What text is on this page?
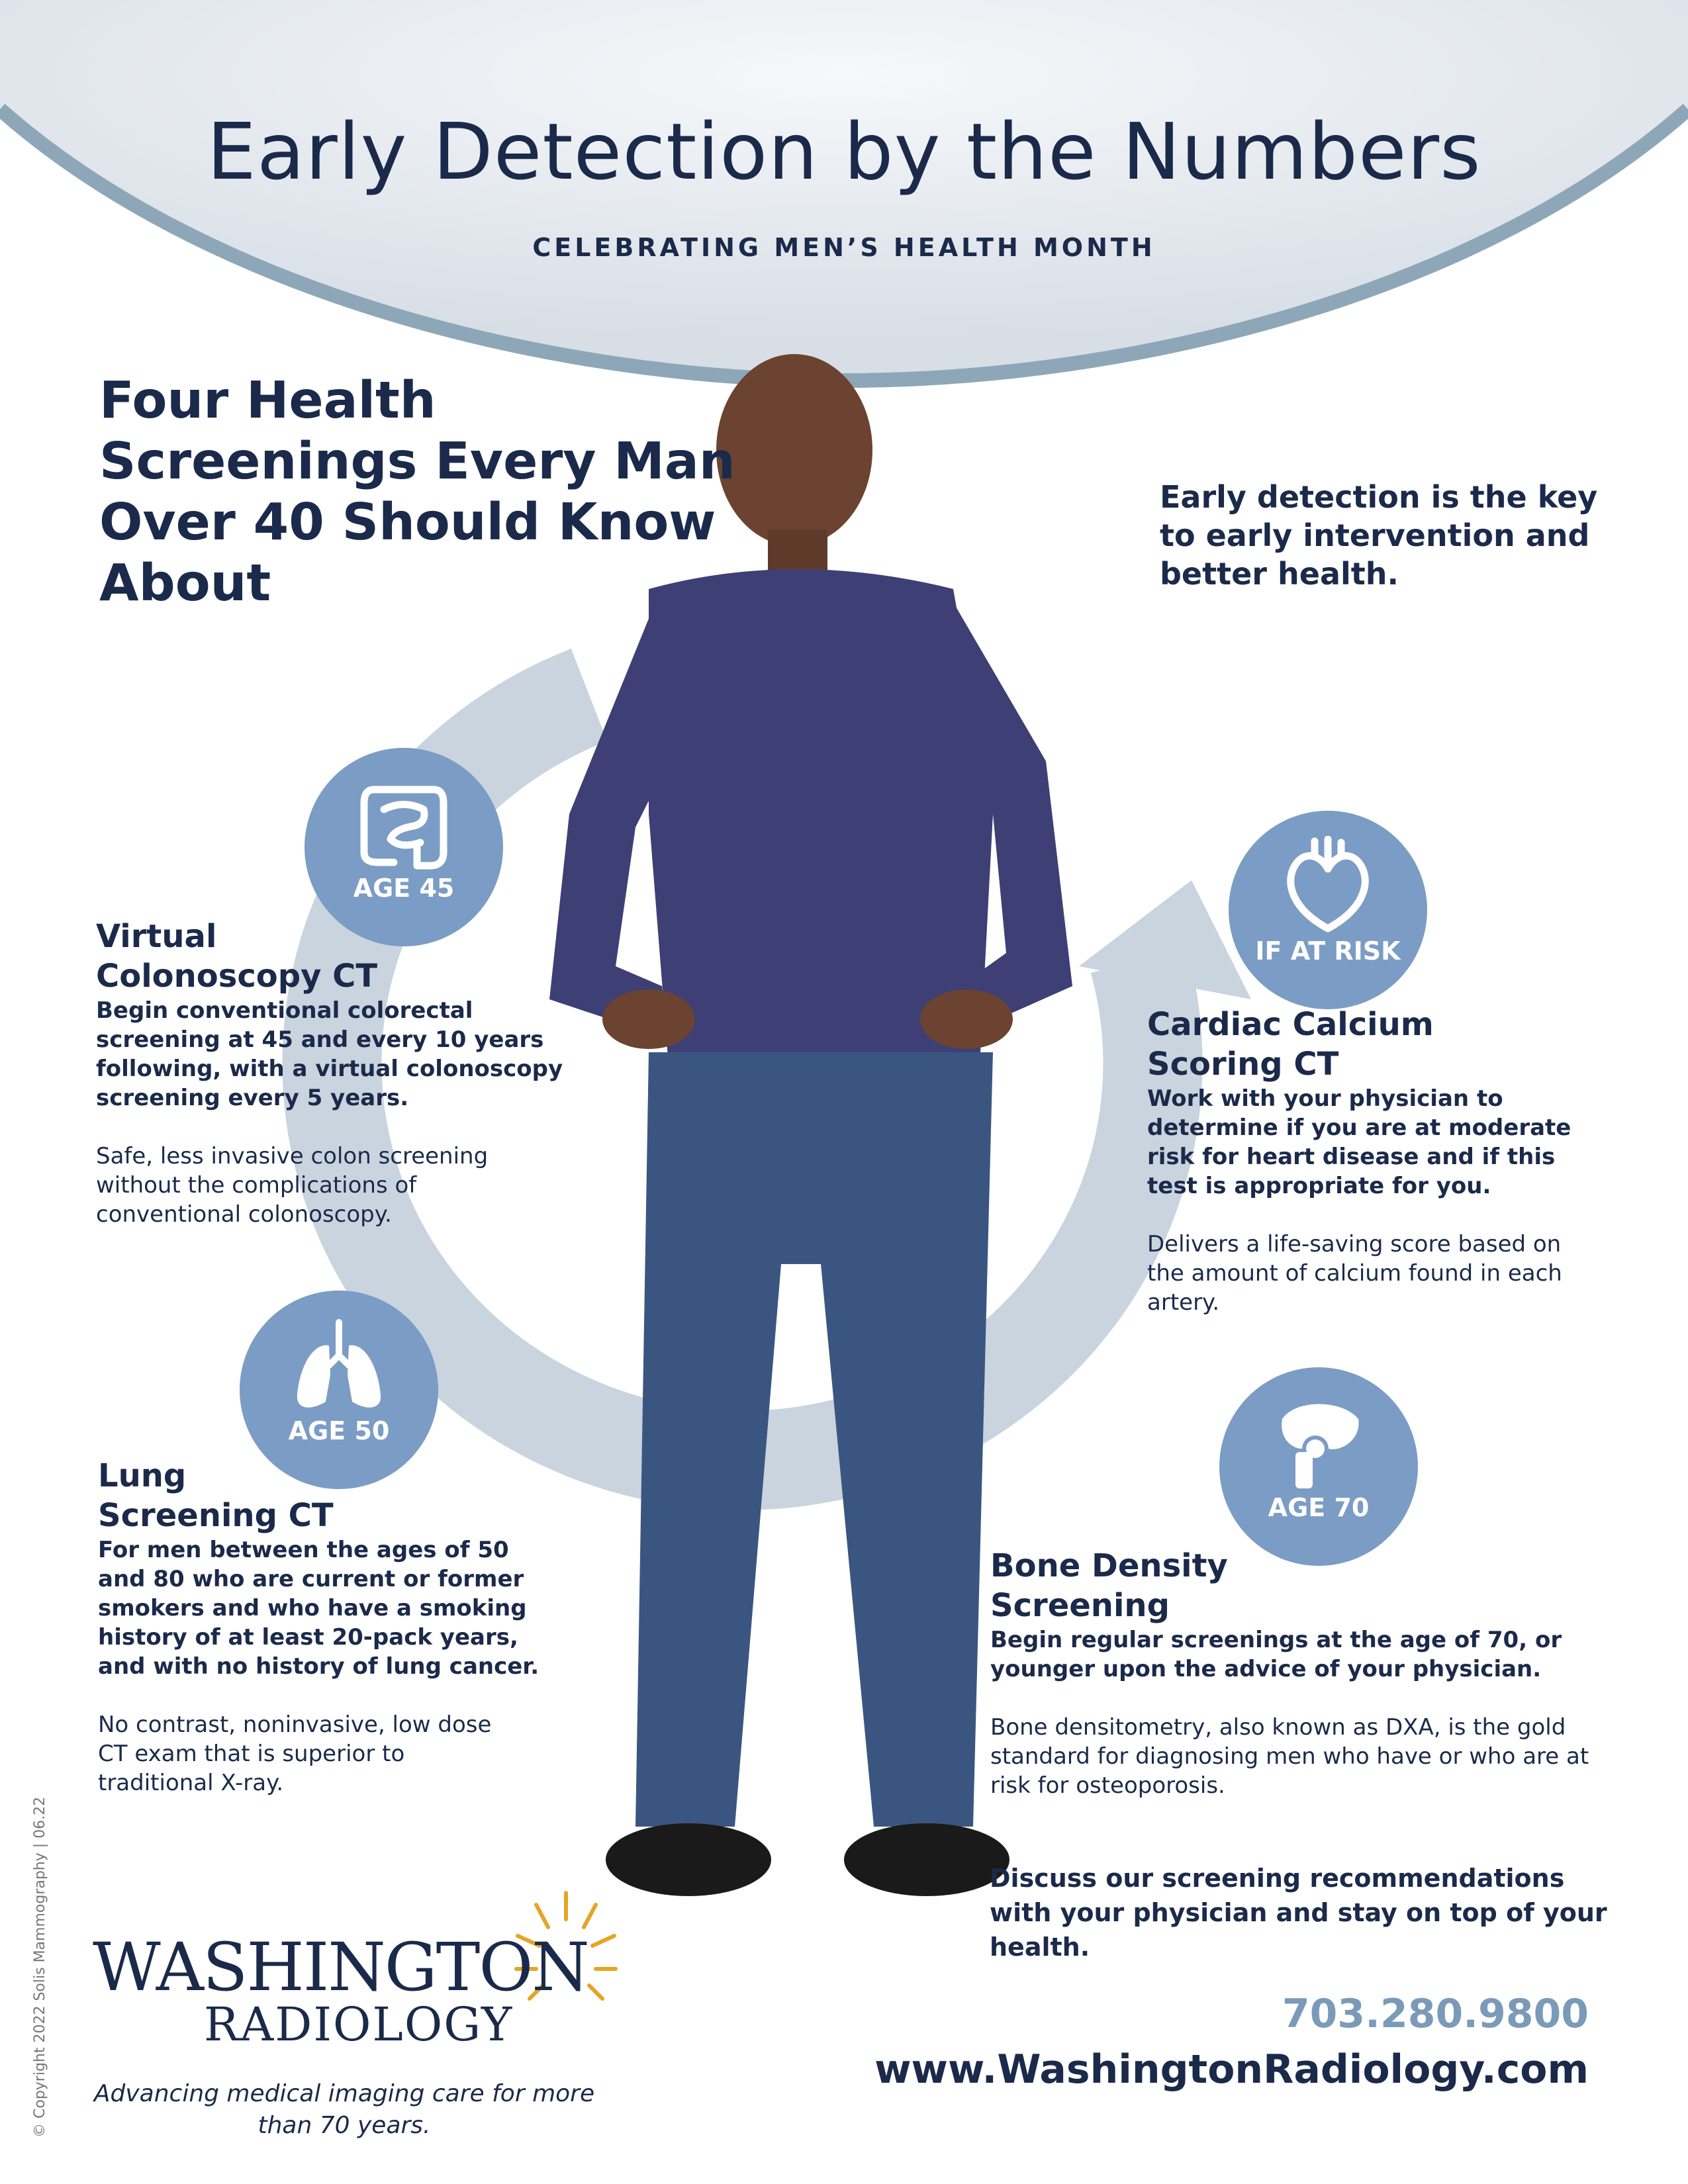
Early Detection by the Numbers
CELEBRATING MEN’S HEALTH MONTH
Four Health Screenings Every Man Over 40 Should Know About
Early detection is the key to early intervention and better health.
AGE 45
IF AT RISK
AGE 50
AGE 70
Virtual
Colonoscopy CT
Begin conventional colorectal screening at 45 and every 10 years following, with a virtual colonoscopy screening every 5 years.
Safe, less invasive colon screening without the complications of conventional colonoscopy.
Cardiac Calcium
Scoring CT
Work with your physician to determine if you are at moderate risk for heart disease and if this test is appropriate for you.
Delivers a life-saving score based on the amount of calcium found in each artery.
Lung
Screening CT
For men between the ages of 50 and 80 who are current or former smokers and who have a smoking history of at least 20-pack years, and with no history of lung cancer.
No contrast, noninvasive, low dose CT exam that is superior to traditional X-ray.
Bone Density
Screening
Begin regular screenings at the age of 70, or younger upon the advice of your physician.
Bone densitometry, also known as DXA, is the gold standard for diagnosing men who have or who are at risk for osteoporosis.
Discuss our screening recommendations with your physician and stay on top of your health.
WASHINGTON
RADIOLOGY
Advancing medical imaging care for more than 70 years.
703.280.9800
www.WashingtonRadiology.com
© Copyright 2022 Solis Mammography | 06.22
